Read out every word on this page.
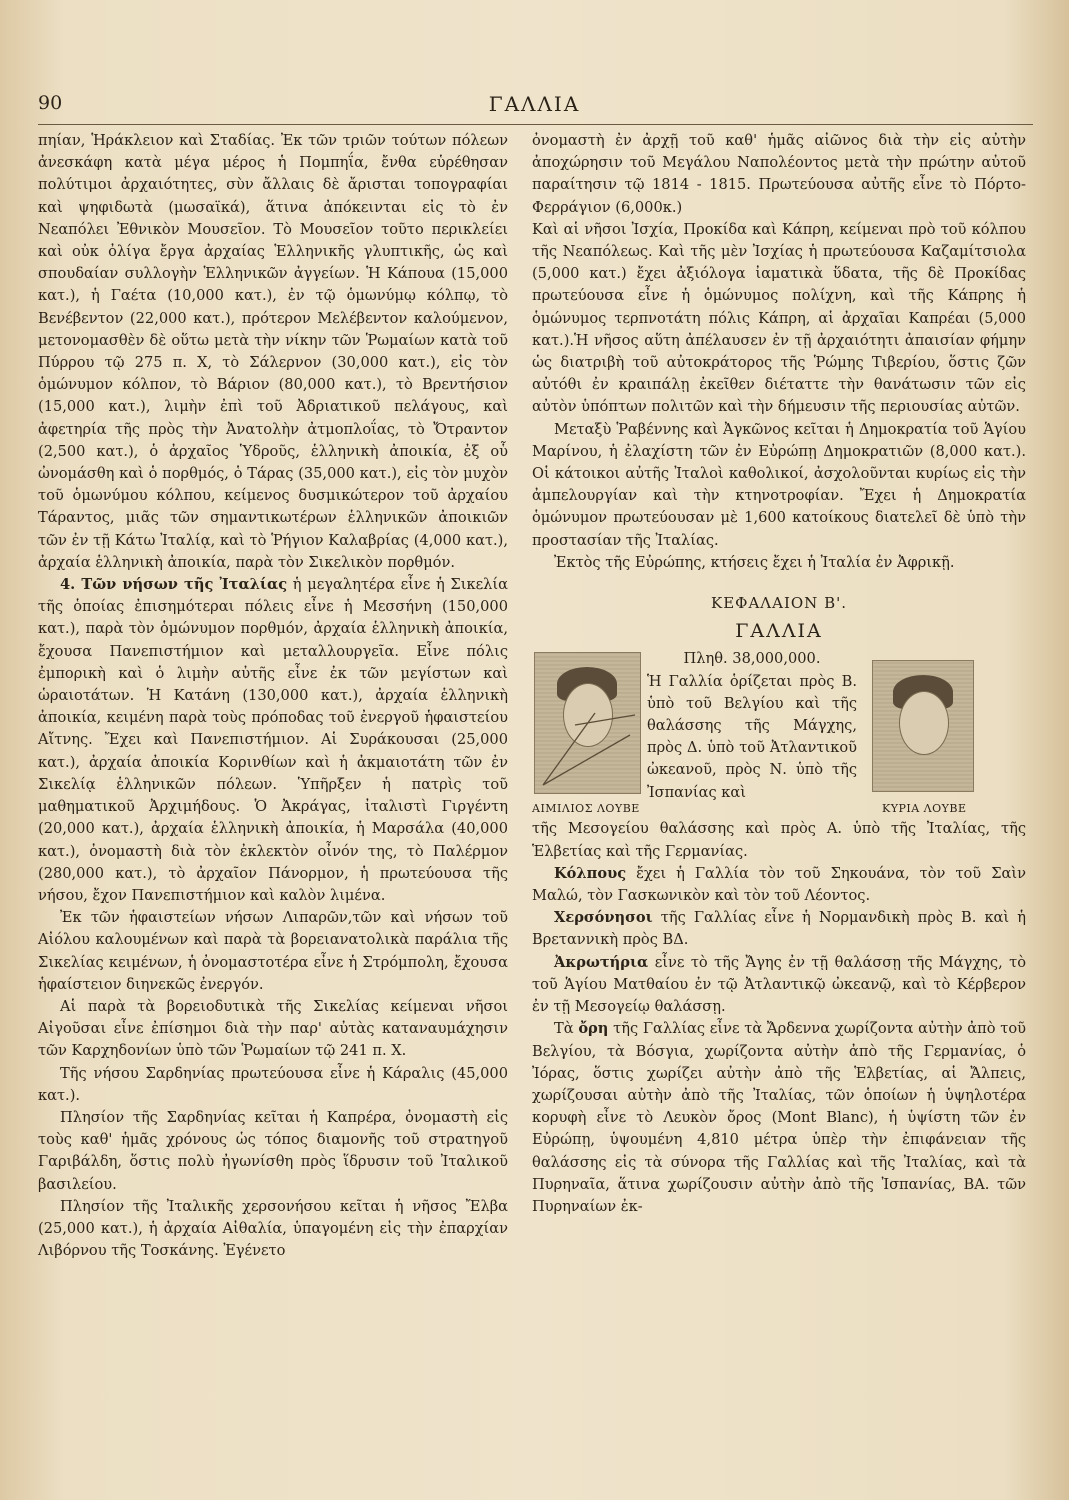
90	ΓΑΛΛΙΑ

πηίαν, Ἡράκλειον καὶ Σταδίας. Ἐκ τῶν τριῶν τούτων πόλεων ἀνεσκάφη κατὰ μέγα μέρος ἡ Πομπηΐα, ἔνθα εὑρέθησαν πολύτιμοι ἀρχαιότητες, σὺν ἄλλαις δὲ ἄρισται τοπογραφίαι καὶ ψηφιδωτὰ (μωσαϊκά), ἅτινα ἀπόκεινται εἰς τὸ ἐν Νεαπόλει Ἐθνικὸν Μουσεῖον. Τὸ Μουσεῖον τοῦτο περικλείει καὶ οὐκ ὀλίγα ἔργα ἀρχαίας Ἑλληνικῆς γλυπτικῆς, ὡς καὶ σπουδαίαν συλλογὴν Ἑλληνικῶν ἀγγείων. Ἡ Κάπουα (15,000 κατ.), ἡ Γαέτα (10,000 κατ.), ἐν τῷ ὁμωνύμῳ κόλπῳ, τὸ Βενέβεντον (22,000 κατ.), πρότερον Μελέβεντον καλούμενον, μετονομασθὲν δὲ οὕτω μετὰ τὴν νίκην τῶν Ῥωμαίων κατὰ τοῦ Πύρρου τῷ 275 π. Χ, τὸ Σάλερνον (30,000 κατ.), εἰς τὸν ὁμώνυμον κόλπον, τὸ Βάριον (80,000 κατ.), τὸ Βρεντήσιον (15,000 κατ.), λιμὴν ἐπὶ τοῦ Ἀδριατικοῦ πελάγους, καὶ ἀφετηρία τῆς πρὸς τὴν Ἀνατολὴν ἀτμοπλοΐας, τὸ Ὄτραντον (2,500 κατ.), ὁ ἀρχαῖος Ὑδροῦς, ἑλληνικὴ ἀποικία, ἐξ οὗ ὠνομάσθη καὶ ὁ πορθμός, ὁ Τάρας (35,000 κατ.), εἰς τὸν μυχὸν τοῦ ὁμωνύμου κόλπου, κείμενος δυσμικώτερον τοῦ ἀρχαίου Τάραντος, μιᾶς τῶν σημαντικωτέρων ἑλληνικῶν ἀποικιῶν τῶν ἐν τῇ Κάτω Ἰταλίᾳ, καὶ τὸ Ῥήγιον Καλαβρίας (4,000 κατ.), ἀρχαία ἑλληνικὴ ἀποικία, παρὰ τὸν Σικελικὸν πορθμόν.

4. Τῶν νήσων τῆς Ἰταλίας ἡ μεγαλητέρα εἶνε ἡ Σικελία τῆς ὁποίας ἐπισημότεραι πόλεις εἶνε ἡ Μεσσήνη (150,000 κατ.), παρὰ τὸν ὁμώνυμον πορθμόν, ἀρχαία ἑλληνικὴ ἀποικία, ἔχουσα Πανεπιστήμιον καὶ μεταλλουργεῖα. Εἶνε πόλις ἐμπορικὴ καὶ ὁ λιμὴν αὐτῆς εἶνε ἐκ τῶν μεγίστων καὶ ὡραιοτάτων. Ἡ Κατάνη (130,000 κατ.), ἀρχαία ἑλληνικὴ ἀποικία, κειμένη παρὰ τοὺς πρόποδας τοῦ ἐνεργοῦ ἡφαιστείου Αἴτνης. Ἔχει καὶ Πανεπιστήμιον. Αἱ Συράκουσαι (25,000 κατ.), ἀρχαία ἀποικία Κορινθίων καὶ ἡ ἀκμαιοτάτη τῶν ἐν Σικελίᾳ ἑλληνικῶν πόλεων. Ὑπῆρξεν ἡ πατρὶς τοῦ μαθηματικοῦ Ἀρχιμήδους. Ὁ Ἀκράγας, ἰταλιστὶ Γιργέντη (20,000 κατ.), ἀρχαία ἑλληνικὴ ἀποικία, ἡ Μαρσάλα (40,000 κατ.), ὀνομαστὴ διὰ τὸν ἐκλεκτὸν οἶνόν της, τὸ Παλέρμον (280,000 κατ.), τὸ ἀρχαῖον Πάνορμον, ἡ πρωτεύουσα τῆς νήσου, ἔχον Πανεπιστήμιον καὶ καλὸν λιμένα.

Ἐκ τῶν ἡφαιστείων νήσων Λιπαρῶν,τῶν καὶ νήσων τοῦ Αἰόλου καλουμένων καὶ παρὰ τὰ βορειανατολικὰ παράλια τῆς Σικελίας κειμένων, ἡ ὀνομαστοτέρα εἶνε ἡ Στρόμπολη, ἔχουσα ἡφαίστειον διηνεκῶς ἐνεργόν.

Αἱ παρὰ τὰ βορειοδυτικὰ τῆς Σικελίας κείμεναι νῆσοι Αἰγοῦσαι εἶνε ἐπίσημοι διὰ τὴν παρ' αὐτὰς καταναυμάχησιν τῶν Καρχηδονίων ὑπὸ τῶν Ῥωμαίων τῷ 241 π. Χ.

Τῆς νήσου Σαρδηνίας πρωτεύουσα εἶνε ἡ Κάραλις (45,000 κατ.).

Πλησίον τῆς Σαρδηνίας κεῖται ἡ Καπρέρα, ὀνομαστὴ εἰς τοὺς καθ' ἡμᾶς χρόνους ὡς τόπος διαμονῆς τοῦ στρατηγοῦ Γαριβάλδη, ὅστις πολὺ ἠγωνίσθη πρὸς ἵδρυσιν τοῦ Ἰταλικοῦ βασιλείου.

Πλησίον τῆς Ἰταλικῆς χερσονήσου κεῖται ἡ νῆσος Ἔλβα (25,000 κατ.), ἡ ἀρχαία Αἰθαλία, ὑπαγομένη εἰς τὴν ἐπαρχίαν Λιβόρνου τῆς Τοσκάνης. Ἐγένετο

ὀνομαστὴ ἐν ἀρχῇ τοῦ καθ' ἡμᾶς αἰῶνος διὰ τὴν εἰς αὐτὴν ἀποχώρησιν τοῦ Μεγάλου Ναπολέοντος μετὰ τὴν πρώτην αὐτοῦ παραίτησιν τῷ 1814 - 1815. Πρωτεύουσα αὐτῆς εἶνε τὸ Πόρτο-Φερράγιον (6,000κ.)

Καὶ αἱ νῆσοι Ἰσχία, Προκίδα καὶ Κάπρη, κείμεναι πρὸ τοῦ κόλπου τῆς Νεαπόλεως. Καὶ τῆς μὲν Ἰσχίας ἡ πρωτεύουσα Καζαμίτσιολα (5,000 κατ.) ἔχει ἀξιόλογα ἰαματικὰ ὕδατα, τῆς δὲ Προκίδας πρωτεύουσα εἶνε ἡ ὁμώνυμος πολίχνη, καὶ τῆς Κάπρης ἡ ὁμώνυμος τερπνοτάτη πόλις Κάπρη, αἱ ἀρχαῖαι Καπρέαι (5,000 κατ.).Ἡ νῆσος αὕτη ἀπέλαυσεν ἐν τῇ ἀρχαιότητι ἀπαισίαν φήμην ὡς διατριβὴ τοῦ αὐτοκράτορος τῆς Ῥώμης Τιβερίου, ὅστις ζῶν αὐτόθι ἐν κραιπάλῃ ἐκεῖθεν διέταττε τὴν θανάτωσιν τῶν εἰς αὐτὸν ὑπόπτων πολιτῶν καὶ τὴν δήμευσιν τῆς περιουσίας αὐτῶν.

Μεταξὺ Ῥαβέννης καὶ Ἀγκῶνος κεῖται ἡ Δημοκρατία τοῦ Ἁγίου Μαρίνου, ἡ ἐλαχίστη τῶν ἐν Εὐρώπῃ Δημοκρατιῶν (8,000 κατ.). Οἱ κάτοικοι αὐτῆς Ἰταλοὶ καθολικοί, ἀσχολοῦνται κυρίως εἰς τὴν ἀμπελουργίαν καὶ τὴν κτηνοτροφίαν. Ἔχει ἡ Δημοκρατία ὁμώνυμον πρωτεύουσαν μὲ 1,600 κατοίκους διατελεῖ δὲ ὑπὸ τὴν προστασίαν τῆς Ἰταλίας.

Ἐκτὸς τῆς Εὐρώπης, κτήσεις ἔχει ἡ Ἰταλία ἐν Ἀφρικῇ.

ΚΕΦΑΛΑΙΟΝ Β'.
ΓΑΛΛΙΑ
ΑΙΜΙΛΙΟΣ ΛΟΥΒΕ
Πληθ. 38,000,000.
Ἡ Γαλλία ὁρίζεται πρὸς Β. ὑπὸ τοῦ Βελγίου καὶ τῆς θαλάσσης τῆς Μάγχης, πρὸς Δ. ὑπὸ τοῦ Ἀτλαντικοῦ ὠκεανοῦ, πρὸς Ν. ὑπὸ τῆς Ἰσπανίας καὶ
ΚΥΡΙΑ ΛΟΥΒΕ

τῆς Μεσογείου θαλάσσης καὶ πρὸς Α. ὑπὸ τῆς Ἰταλίας, τῆς Ἑλβετίας καὶ τῆς Γερμανίας.

Κόλπους ἔχει ἡ Γαλλία τὸν τοῦ Σηκουάνα, τὸν τοῦ Σαὶν Μαλώ, τὸν Γασκωνικὸν καὶ τὸν τοῦ Λέοντος.

Χερσόνησοι τῆς Γαλλίας εἶνε ἡ Νορμανδικὴ πρὸς Β. καὶ ἡ Βρεταννικὴ πρὸς ΒΔ.

Ἀκρωτήρια εἶνε τὸ τῆς Ἄγης ἐν τῇ θαλάσσῃ τῆς Μάγχης, τὸ τοῦ Ἁγίου Ματθαίου ἐν τῷ Ἀτλαντικῷ ὠκεανῷ, καὶ τὸ Κέρβερον ἐν τῇ Μεσογείῳ θαλάσσῃ.

Τὰ ὄρη τῆς Γαλλίας εἶνε τὰ Ἄρδεννα χωρίζοντα αὐτὴν ἀπὸ τοῦ Βελγίου, τὰ Βόσγια, χωρίζοντα αὐτὴν ἀπὸ τῆς Γερμανίας, ὁ Ἰόρας, ὅστις χωρίζει αὐτὴν ἀπὸ τῆς Ἑλβετίας, αἱ Ἄλπεις, χωρίζουσαι αὐτὴν ἀπὸ τῆς Ἰταλίας, τῶν ὁποίων ἡ ὑψηλοτέρα κορυφὴ εἶνε τὸ Λευκὸν ὄρος (Mont Blanc), ἡ ὑψίστη τῶν ἐν Εὐρώπῃ, ὑψουμένη 4,810 μέτρα ὑπὲρ τὴν ἐπιφάνειαν τῆς θαλάσσης εἰς τὰ σύνορα τῆς Γαλλίας καὶ τῆς Ἰταλίας, καὶ τὰ Πυρηναῖα, ἅτινα χωρίζουσιν αὐτὴν ἀπὸ τῆς Ἰσπανίας, ΒΑ. τῶν Πυρηναίων ἐκ-
